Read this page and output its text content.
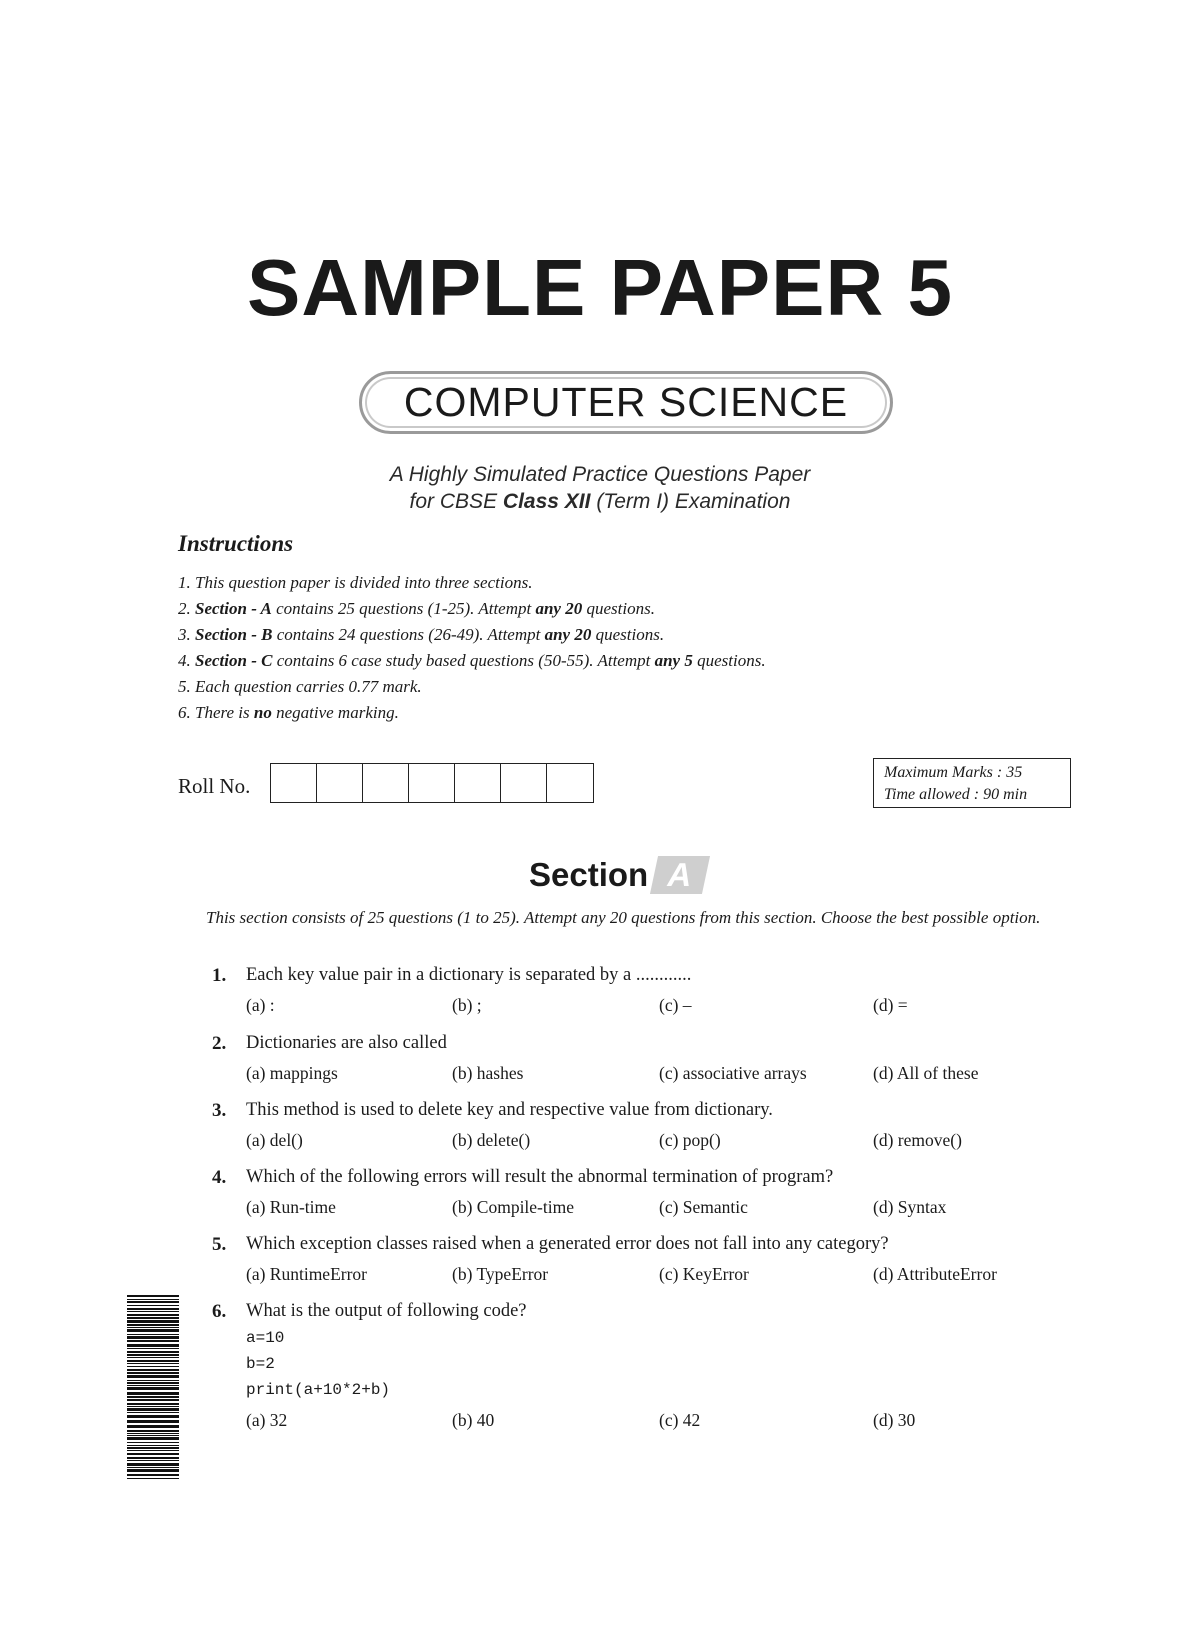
SAMPLE PAPER 5
COMPUTER SCIENCE
A Highly Simulated Practice Questions Paper
for CBSE Class XII (Term I) Examination
Instructions
1. This question paper is divided into three sections.
2. Section - A contains 25 questions (1-25). Attempt any 20 questions.
3. Section - B contains 24 questions (26-49). Attempt any 20 questions.
4. Section - C contains 6 case study based questions (50-55). Attempt any 5 questions.
5. Each question carries 0.77 mark.
6. There is no negative marking.
Roll No.
Maximum Marks : 35
Time allowed : 90 min
Section A
This section consists of 25 questions (1 to 25). Attempt any 20 questions from this section. Choose the best possible option.
1. Each key value pair in a dictionary is separated by a ............
(a) :	(b) ;	(c) –	(d) =
2. Dictionaries are also called
(a) mappings	(b) hashes	(c) associative arrays	(d) All of these
3. This method is used to delete key and respective value from dictionary.
(a) del()	(b) delete()	(c) pop()	(d) remove()
4. Which of the following errors will result the abnormal termination of program?
(a) Run-time	(b) Compile-time	(c) Semantic	(d) Syntax
5. Which exception classes raised when a generated error does not fall into any category?
(a) RuntimeError	(b) TypeError	(c) KeyError	(d) AttributeError
6. What is the output of following code?
a=10
b=2
print(a+10*2+b)
(a) 32	(b) 40	(c) 42	(d) 30
